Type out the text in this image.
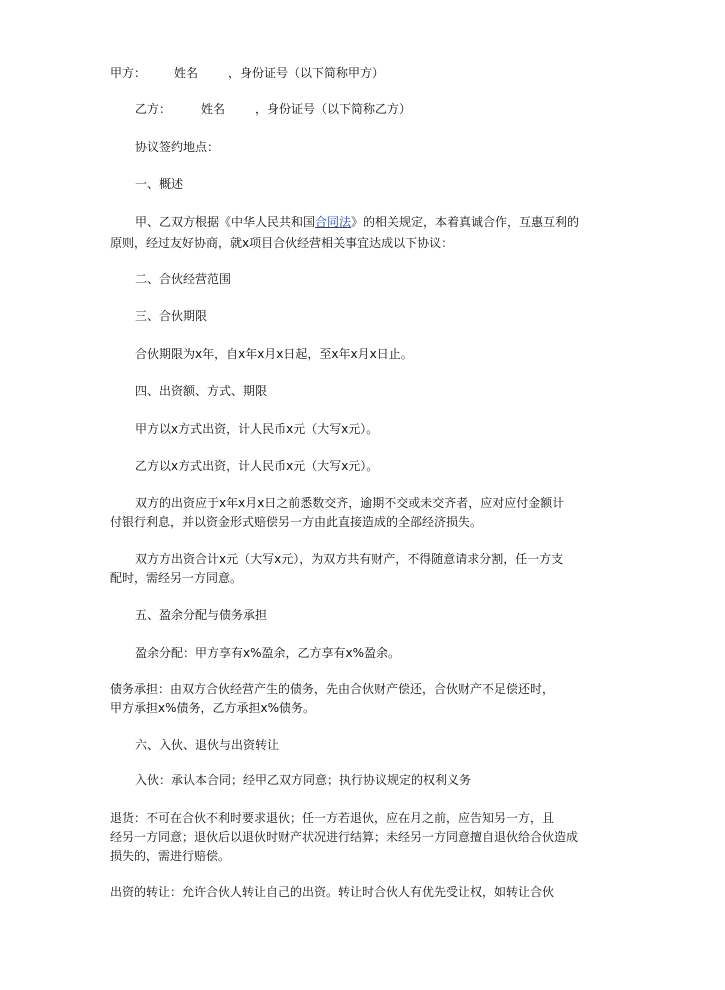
甲方： 姓名	，身份证号（以下简称甲方）
乙方：	姓名	，身份证号（以下简称乙方）
协议签约地点：
一、概述
甲、乙双方根据《中华人民共和国合同法》的相关规定，本着真诚合作，互惠互利的
原则，经过友好协商，就x项目合伙经营相关事宜达成以下协议：
二、合伙经营范围
三、合伙期限
合伙期限为x年，自x年x月x日起，至x年x月x日止。
四、出资额、方式、期限
甲方以x方式出资，计人民币x元（大写x元）。
乙方以x方式出资，计人民币x元（大写x元）。
双方的出资应于x年x月x日之前悉数交齐，逾期不交或未交齐者，应对应付金额计
付银行利息，并以资金形式赔偿另一方由此直接造成的全部经济损失。
双方方出资合计x元（大写x元），为双方共有财产，不得随意请求分割，任一方支
配时，需经另一方同意。
五、盈余分配与债务承担
盈余分配：甲方享有x%盈余，乙方享有x%盈余。
债务承担：由双方合伙经营产生的债务，先由合伙财产偿还，合伙财产不足偿还时，
甲方承担x%债务，乙方承担x%债务。
六、入伙、退伙与出资转让
入伙：承认本合同；经甲乙双方同意；执行协议规定的权利义务
退货：不可在合伙不利时要求退伙；任一方若退伙，应在月之前，应告知另一方，且
经另一方同意；退伙后以退伙时财产状况进行结算；未经另一方同意擅自退伙给合伙造成
损失的，需进行赔偿。
出资的转让：允许合伙人转让自己的出资。转让时合伙人有优先受让权，如转让合伙
